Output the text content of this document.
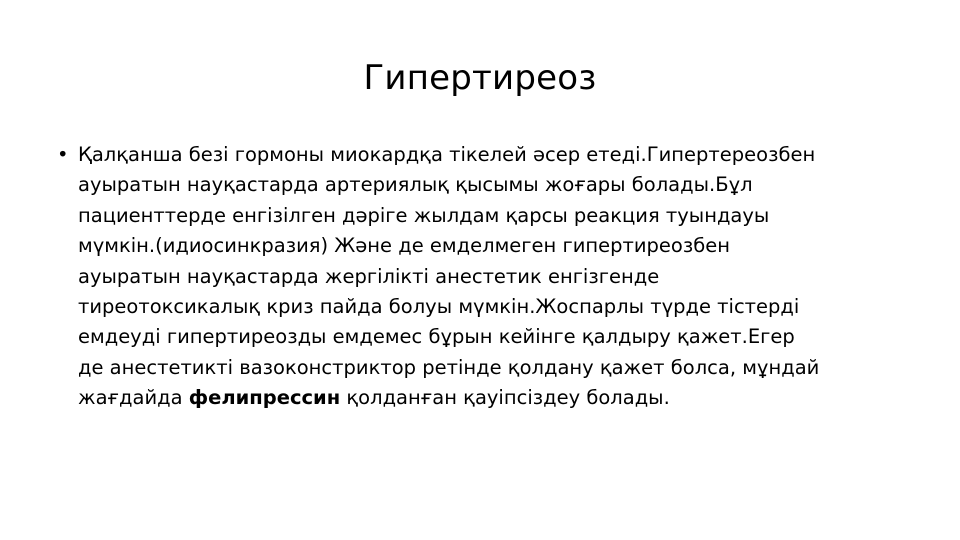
Гипертиреоз
• Қалқанша безі гормоны миокардқа тікелей әсер етеді.Гипертереозбен
ауыратын науқастарда артериялық қысымы жоғары болады.Бұл
пациенттерде енгізілген дәріге жылдам қарсы реакция туындауы
мүмкін.(идиосинкразия) Және де емделмеген гипертиреозбен
ауыратын науқастарда жергілікті анестетик енгізгенде
тиреотоксикалық криз пайда болуы мүмкін.Жоспарлы түрде тістерді
емдеуді гипертиреозды емдемес бұрын кейінге қалдыру қажет.Егер
де анестетикті вазоконстриктор ретінде қолдану қажет болса, мұндай
жағдайда фелипрессин қолданған қауіпсіздеу болады.
